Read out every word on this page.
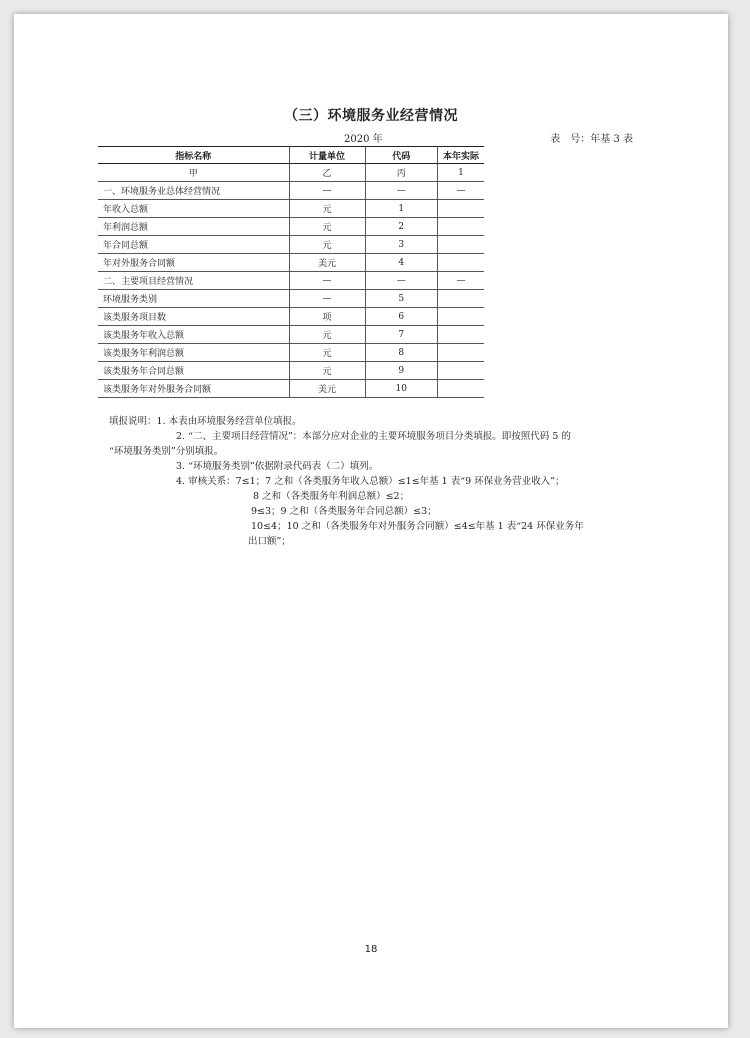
（三）环境服务业经营情况
2020 年	表　号：年基 3 表
指标名称	计量单位	代码	本年实际
甲	乙	丙	1
一、环境服务业总体经营情况	—	—	—
年收入总额	元	1	
年利润总额	元	2	
年合同总额	元	3	
年对外服务合同额	美元	4	
二、主要项目经营情况	—	—	—
环境服务类别	—	5	
该类服务项目数	项	6	
该类服务年收入总额	元	7	
该类服务年利润总额	元	8	
该类服务年合同总额	元	9	
该类服务年对外服务合同额	美元	10	
填报说明：1. 本表由环境服务经营单位填报。
2. “二、主要项目经营情况”：本部分应对企业的主要环境服务项目分类填报。即按照代码 5 的
“环境服务类别”分别填报。
3. “环境服务类别”依据附录代码表（二）填列。
4. 审核关系：7≤1；7 之和（各类服务年收入总额）≤1≤年基 1 表“9 环保业务营业收入”；
8 之和（各类服务年利润总额）≤2；
9≤3；9 之和（各类服务年合同总额）≤3；
10≤4；10 之和（各类服务年对外服务合同额）≤4≤年基 1 表“24 环保业务年
出口额”；
18
